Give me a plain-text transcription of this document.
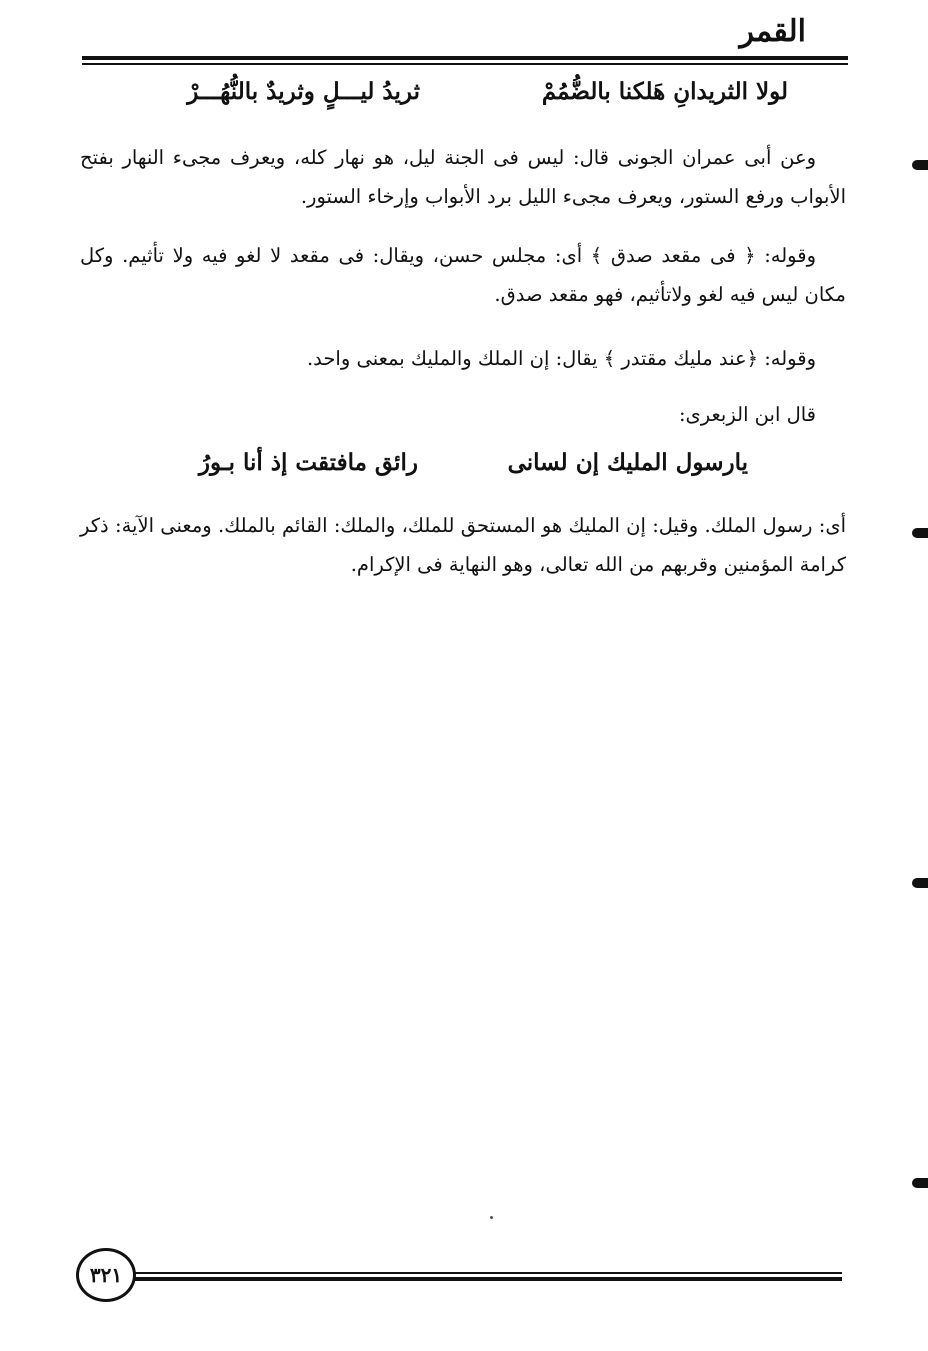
القمر
لولا الثريدانِ هَلكنا بالضُّمُمْ
ثريدُ ليـــلٍ وثريدٌ بالنُّهُـــرْ
وعن أبى عمران الجونى قال: ليس فى الجنة ليل، هو نهار كله، ويعرف مجىء النهار بفتح الأبواب ورفع الستور، ويعرف مجىء الليل برد الأبواب وإرخاء الستور.
وقوله: ﴿ فى مقعد صدق ﴾ أى: مجلس حسن، ويقال: فى مقعد لا لغو فيه ولا تأثيم. وكل مكان ليس فيه لغو ولاتأثيم، فهو مقعد صدق.
وقوله: ﴿عند مليك مقتدر ﴾ يقال: إن الملك والمليك بمعنى واحد.
قال ابن الزبعرى:
يارسول المليك إن لسانى
رائق مافتقت إذ أنا بـورُ
أى: رسول الملك. وقيل: إن المليك هو المستحق للملك، والملك: القائم بالملك. ومعنى الآية: ذكر كرامة المؤمنين وقربهم من الله تعالى، وهو النهاية فى الإكرام.
٣٢١
